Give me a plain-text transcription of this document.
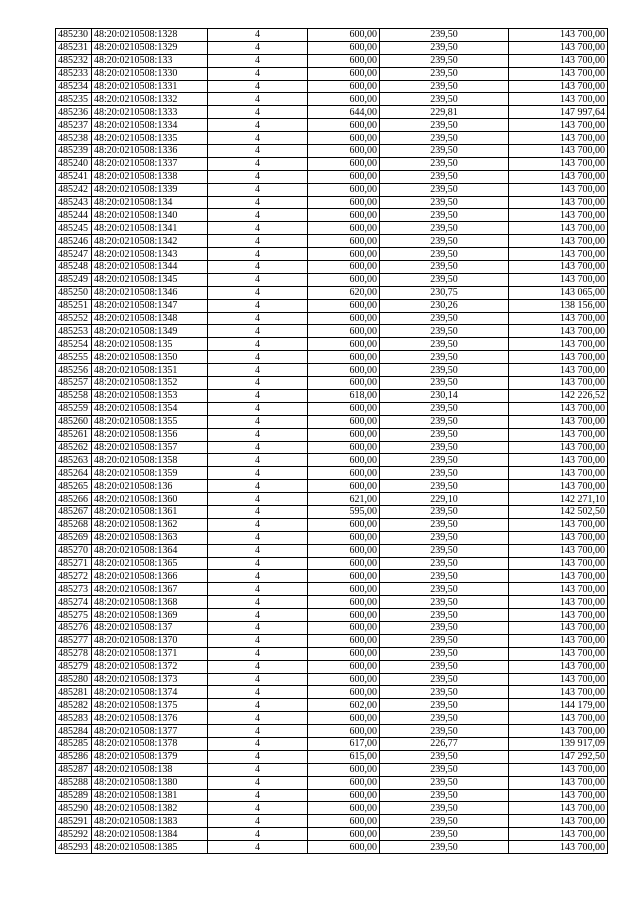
485230	48:20:0210508:1328	4	600,00	239,50	143 700,00
485231	48:20:0210508:1329	4	600,00	239,50	143 700,00
485232	48:20:0210508:133	4	600,00	239,50	143 700,00
485233	48:20:0210508:1330	4	600,00	239,50	143 700,00
485234	48:20:0210508:1331	4	600,00	239,50	143 700,00
485235	48:20:0210508:1332	4	600,00	239,50	143 700,00
485236	48:20:0210508:1333	4	644,00	229,81	147 997,64
485237	48:20:0210508:1334	4	600,00	239,50	143 700,00
485238	48:20:0210508:1335	4	600,00	239,50	143 700,00
485239	48:20:0210508:1336	4	600,00	239,50	143 700,00
485240	48:20:0210508:1337	4	600,00	239,50	143 700,00
485241	48:20:0210508:1338	4	600,00	239,50	143 700,00
485242	48:20:0210508:1339	4	600,00	239,50	143 700,00
485243	48:20:0210508:134	4	600,00	239,50	143 700,00
485244	48:20:0210508:1340	4	600,00	239,50	143 700,00
485245	48:20:0210508:1341	4	600,00	239,50	143 700,00
485246	48:20:0210508:1342	4	600,00	239,50	143 700,00
485247	48:20:0210508:1343	4	600,00	239,50	143 700,00
485248	48:20:0210508:1344	4	600,00	239,50	143 700,00
485249	48:20:0210508:1345	4	600,00	239,50	143 700,00
485250	48:20:0210508:1346	4	620,00	230,75	143 065,00
485251	48:20:0210508:1347	4	600,00	230,26	138 156,00
485252	48:20:0210508:1348	4	600,00	239,50	143 700,00
485253	48:20:0210508:1349	4	600,00	239,50	143 700,00
485254	48:20:0210508:135	4	600,00	239,50	143 700,00
485255	48:20:0210508:1350	4	600,00	239,50	143 700,00
485256	48:20:0210508:1351	4	600,00	239,50	143 700,00
485257	48:20:0210508:1352	4	600,00	239,50	143 700,00
485258	48:20:0210508:1353	4	618,00	230,14	142 226,52
485259	48:20:0210508:1354	4	600,00	239,50	143 700,00
485260	48:20:0210508:1355	4	600,00	239,50	143 700,00
485261	48:20:0210508:1356	4	600,00	239,50	143 700,00
485262	48:20:0210508:1357	4	600,00	239,50	143 700,00
485263	48:20:0210508:1358	4	600,00	239,50	143 700,00
485264	48:20:0210508:1359	4	600,00	239,50	143 700,00
485265	48:20:0210508:136	4	600,00	239,50	143 700,00
485266	48:20:0210508:1360	4	621,00	229,10	142 271,10
485267	48:20:0210508:1361	4	595,00	239,50	142 502,50
485268	48:20:0210508:1362	4	600,00	239,50	143 700,00
485269	48:20:0210508:1363	4	600,00	239,50	143 700,00
485270	48:20:0210508:1364	4	600,00	239,50	143 700,00
485271	48:20:0210508:1365	4	600,00	239,50	143 700,00
485272	48:20:0210508:1366	4	600,00	239,50	143 700,00
485273	48:20:0210508:1367	4	600,00	239,50	143 700,00
485274	48:20:0210508:1368	4	600,00	239,50	143 700,00
485275	48:20:0210508:1369	4	600,00	239,50	143 700,00
485276	48:20:0210508:137	4	600,00	239,50	143 700,00
485277	48:20:0210508:1370	4	600,00	239,50	143 700,00
485278	48:20:0210508:1371	4	600,00	239,50	143 700,00
485279	48:20:0210508:1372	4	600,00	239,50	143 700,00
485280	48:20:0210508:1373	4	600,00	239,50	143 700,00
485281	48:20:0210508:1374	4	600,00	239,50	143 700,00
485282	48:20:0210508:1375	4	602,00	239,50	144 179,00
485283	48:20:0210508:1376	4	600,00	239,50	143 700,00
485284	48:20:0210508:1377	4	600,00	239,50	143 700,00
485285	48:20:0210508:1378	4	617,00	226,77	139 917,09
485286	48:20:0210508:1379	4	615,00	239,50	147 292,50
485287	48:20:0210508:138	4	600,00	239,50	143 700,00
485288	48:20:0210508:1380	4	600,00	239,50	143 700,00
485289	48:20:0210508:1381	4	600,00	239,50	143 700,00
485290	48:20:0210508:1382	4	600,00	239,50	143 700,00
485291	48:20:0210508:1383	4	600,00	239,50	143 700,00
485292	48:20:0210508:1384	4	600,00	239,50	143 700,00
485293	48:20:0210508:1385	4	600,00	239,50	143 700,00
